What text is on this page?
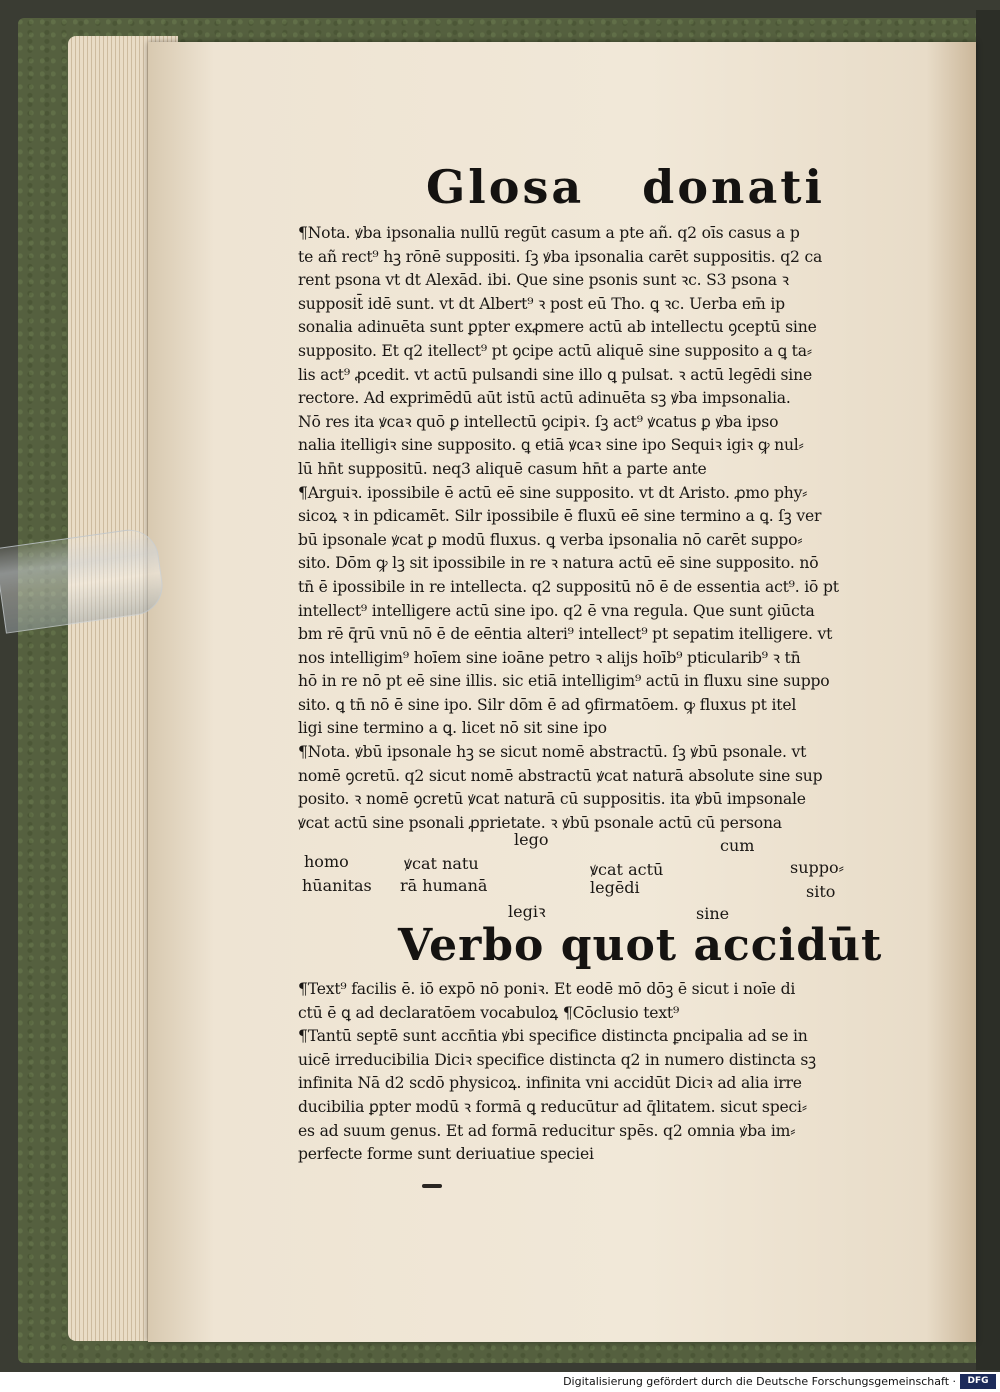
Glosa donati
¶Nota. ꝟba ipsonalia nullū regūt casum a pte añ. q2 oīs casus a p
te añ rect⁹ hꝫ rōnē suppositi. ſꝫ ꝟba ipsonalia carēt suppositis. q2 ca
rent psona vt dt Alexād. ibi. Que sine psonis sunt ꝛc. S3 psona ꝛ
supposit̄ idē sunt. vt dt Albert⁹ ꝛ post eū Tho. ꝗ ꝛc. Uerba em̄ ip
sonalia adinuēta sunt ꝑpter exꝓmere actū ab intellectu ꝯceptū sine
supposito. Et q2 itellect⁹ pt ꝯcipe actū aliquē sine supposito a ꝗ ta⸗
lis act⁹ ꝓcedit. vt actū pulsandi sine illo ꝗ pulsat. ꝛ actū legēdi sine
rectore. Ad exprimēdū aūt istū actū adinuēta sꝫ ꝟba impsonalia.
Nō res ita ꝟcaꝛ quō ꝑ intellectū ꝯcipiꝛ. ſꝫ act⁹ ꝟcatus ꝑ ꝟba ipso
nalia itelligiꝛ sine supposito. ꝗ etiā ꝟcaꝛ sine ipo Sequiꝛ igiꝛ ꝙ nul⸗
lū hn̄t suppositū. neq3 aliquē casum hn̄t a parte ante
¶Arguiꝛ. ipossibile ē actū eē sine supposito. vt dt Aristo. ꝓmo phy⸗
sicoꝝ ꝛ in pdicamēt. Silr ipossibile ē fluxū eē sine termino a ꝗ. ſꝫ ver
bū ipsonale ꝟcat ꝑ modū fluxus. ꝗ verba ipsonalia nō carēt suppo⸗
sito. Dōm ꝙ lꝫ sit ipossibile in re ꝛ natura actū eē sine supposito. nō
tn̄ ē ipossibile in re intellecta. q2 suppositū nō ē de essentia act⁹. iō pt
intellect⁹ intelligere actū sine ipo. q2 ē vna regula. Que sunt ꝯiūcta
bm rē q̄rū vnū nō ē de eēntia alteri⁹ intellect⁹ pt sepatim itelligere. vt
nos intelligim⁹ hoīem sine ioāne petro ꝛ alijs hoīb⁹ pticularib⁹ ꝛ tn̄
hō in re nō pt eē sine illis. sic etiā intelligim⁹ actū in fluxu sine suppo
sito. ꝗ tn̄ nō ē sine ipo. Silr dōm ē ad ꝯfirmatōem. ꝙ fluxus pt itel
ligi sine termino a ꝗ. licet nō sit sine ipo
¶Nota. ꝟbū ipsonale hꝫ se sicut nomē abstractū. ſꝫ ꝟbū psonale. vt
nomē ꝯcretū. q2 sicut nomē abstractū ꝟcat naturā absolute sine sup
posito. ꝛ nomē ꝯcretū ꝟcat naturā cū suppositis. ita ꝟbū impsonale
ꝟcat actū sine psonali ꝓprietate. ꝛ ꝟbū psonale actū cū persona
lego	cum
homo	ꝟcat natu	ꝟcat actū	suppo⸗
hūanitas rā humanā	legēdi	sito
legiꝛ	sine
Verbo quot accidūt
¶Text⁹ facilis ē. iō expō nō poniꝛ. Et eodē mō dōꝫ ē sicut i noīe di
ctū ē ꝗ ad declaratōem vocabuloꝝ ¶Cōclusio text⁹
¶Tantū septē sunt accn̄tia ꝟbi specifice distincta ꝑncipalia ad se in
uicē irreducibilia Diciꝛ specifice distincta q2 in numero distincta sꝫ
infinita Nā d2 scdō physicoꝝ. infinita vni accidūt Diciꝛ ad alia irre
ducibilia ꝑpter modū ꝛ formā ꝗ reducūtur ad q̄litatem. sicut speci⸗
es ad suum genus. Et ad formā reducitur spēs. q2 omnia ꝟba im⸗
perfecte forme sunt deriuatiue speciei
Digitalisierung gefördert durch die Deutsche Forschungsgemeinschaft ·	DFG
